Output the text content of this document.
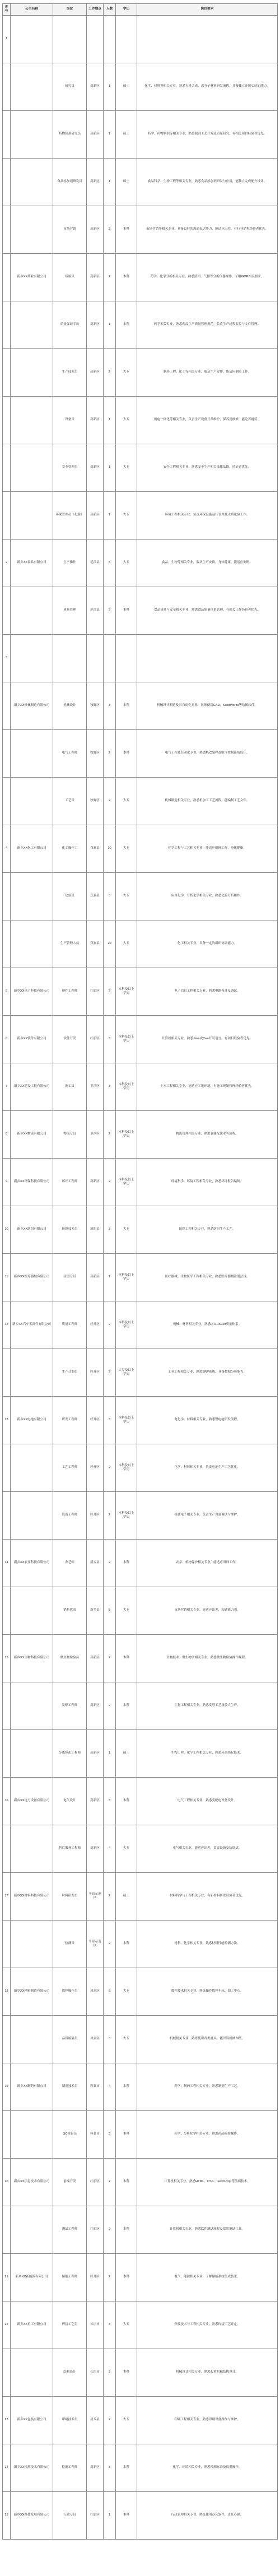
序号	公司名称	岗位	工作地点	人数	学历	岗位要求
1						
		研究员	高新区	1	硕士	化学、材料等相关专业，熟悉有机合成、高分子材料研发流程，具备独立开展实验的能力。
		药物制剂研究员	高新区	1	硕士	药学、药物制剂等相关专业，熟悉制剂工艺开发及质量研究，有相关项目经验者优先。
		食品添加剂研发员	高新区	1	硕士	食品科学、生物工程等相关专业，熟悉食品添加剂研发与应用，能独立完成配方设计。
		市场营销	高新区	3	本科	市场营销等相关专业，具备良好的沟通表达能力，能适应出差，有行业销售经验者优先。
	新乡XX药业有限公司	质检员	高新区	2	本科	药学、化学分析相关专业，熟悉液相、气相等分析仪器操作，了解GMP相关要求。
		质量保证专员	高新区	1	本科	药学相关专业，熟悉药品生产质量管理规范，负责生产过程监控与文件管理。
		生产技术员	高新区	2	大专	制药工程、化工等相关专业，服从生产安排，能适应倒班工作。
		设备员	高新区	1	大专	机电一体化等相关专业，负责生产设备日常维护、保养及维修，能吃苦耐劳。
		安全管理员	高新区	1	大专	安全工程相关专业，熟悉安全生产相关法律法规，持证者优先。
		环保管理员（化验）	高新区	1	大专	环境工程相关专业，负责环保设施运行管理及水质化验工作。
2	新乡XX食品有限公司	生产操作	延津县	5	大专	食品、生物等相关专业，服从生产安排，身体健康，能适应倒班。
		质量管理	延津县	2	本科	食品质量与安全相关专业，熟悉食品质量体系管理，有相关工作经验者优先。
3						
	新乡XX机械制造有限公司	机械设计	牧野区	3	本科	机械设计制造及其自动化专业，熟练使用CAD、SolidWorks等绘图软件。
		电气工程师	牧野区	2	本科	电气工程及自动化专业，熟悉PLC编程及电气控制系统设计。
		工艺员	牧野区	2	大专	机械制造相关专业，熟悉机加工工艺流程，能编制工艺文件。
4	新乡XX化工有限公司	化工操作工	获嘉县	10	大专	化学工程与工艺相关专业，能适应倒班工作，身体健康。
		化验员	获嘉县	3	大专	应用化学、分析化学相关专业，熟悉化验分析操作。
		生产管理人员	获嘉县	20	大专	化工相关专业，具备一定的组织协调能力。
5	新乡XX电子科技有限公司	硬件工程师	红旗区	2	本科及以上学历	电子信息工程相关专业，熟悉电路设计及调试。
6	新乡XX软件有限公司	软件开发	红旗区	3	本科及以上学历	计算机相关专业，熟悉Java或C++开发语言，有项目经验者优先。
7	新乡XX建设工程有限公司	施工员	卫滨区	3	本科及以上学历	土木工程相关专业，能适应工地环境，有施工现场管理经验者优先。
8	新乡XX物流有限公司	物流专员	卫滨区	2	本科及以上学历	物流管理相关专业，熟悉仓储配送业务流程。
9	新乡XX环保科技有限公司	环评工程师	高新区	2	本科及以上学历	环境科学、环境工程相关专业，熟悉环评报告编制。
10	新乡XX纺织有限公司	纺织技术员	原阳县	3	大专	纺织工程相关专业，熟悉纺织生产工艺。
11	新乡XX医疗器械有限公司	注册专员	高新区	1	本科及以上学历	医疗器械、生物医学工程相关专业，熟悉医疗器械注册法规。
12	新乡XX汽车零部件有限公司	质量工程师	经开区	2	本科及以上学历	机械、材料相关专业，熟悉IATF16949质量体系。
		生产计划员	经开区	2	大专及以上学历	工业工程相关专业，熟悉ERP系统，具备数据分析能力。
13	新乡XX电池有限公司	研发工程师	经开区	3	本科及以上学历	电化学、材料相关专业，熟悉锂电池研发流程。
		工艺工程师	经开区	2	本科及以上学历	化学、材料相关专业，负责电池生产工艺优化。
		设备工程师	经开区	2	本科及以上学历	机械电子相关专业，负责生产设备调试与维护。
14	新乡XX农业科技有限公司	农艺师	新乡县	2	本科	农学、植物保护相关专业，能适应田间工作。
		销售代表	新乡县	5	大专	市场营销相关专业，能适应出差，沟通能力强。
15	新乡XX生物科技有限公司	微生物检验员	高新区	2	本科	生物技术、微生物学相关专业，熟悉微生物检验操作规程。
		发酵工程师	高新区	2	本科	生物工程相关专业，熟悉发酵工艺及放大生产。
		分离纯化工程师	高新区	1	硕士	生物工程、化学工程相关专业，熟悉分离纯化技术。
16	新乡XX电力设备有限公司	电气设计	高新区	3	本科	电气工程相关专业，熟悉变配电设备设计。
		售后服务工程师	高新区	4	大专	电气相关专业，能适应出差，负责设备安装调试。
17	新乡XX材料科技有限公司	材料研发员	平原示范区	2	硕士	材料科学与工程相关专业，有新材料研发经验者优先。
		检测员	平原示范区	2	本科	材料、化学相关专业，熟悉材料性能检测方法。
18	新乡XX精密制造有限公司	数控操作员	凤泉区	8	大专	数控技术相关专业，熟练操作数控车床、加工中心。
		品质检验员	凤泉区	3	大专	机械相关专业，熟练使用各类量具，能识读机械图纸。
19	新乡XX制药有限公司	制剂技术员	辉县市	4	本科	药学、制药工程相关专业，熟悉制剂生产工艺。
		QC检验员	辉县市	3	本科	药学、分析化学相关专业，熟悉药品检验操作。
20	新乡XX信息技术有限公司	前端开发	红旗区	2	本科	计算机相关专业，熟悉HTML、CSS、JavaScript等前端技术。
		测试工程师	红旗区	2	本科	计算机相关专业，熟悉软件测试流程及常用测试工具。
21	新乡XX新能源有限公司	储能工程师	经开区	2	本科	电气、能源相关专业，了解储能系统集成技术。
22	新乡XX重工有限公司	焊接工艺员	长垣市	3	大专	焊接技术与工程相关专业，熟悉焊接工艺评定。
		结构设计	长垣市	2	本科	机械设计相关专业，熟悉起重机械结构设计。
23	新乡XX包装有限公司	印刷技术员	封丘县	2	大专	印刷工程相关专业，熟悉印刷设备操作与维护。
24	新乡XX检测技术有限公司	检测工程师	高新区	3	本科	化学、环境相关专业，熟悉检测标准及仪器操作。
25	新乡XX科技发展有限公司	行政专员	红旗区	1	本科	行政管理相关专业，熟练使用办公软件，责任心强。
